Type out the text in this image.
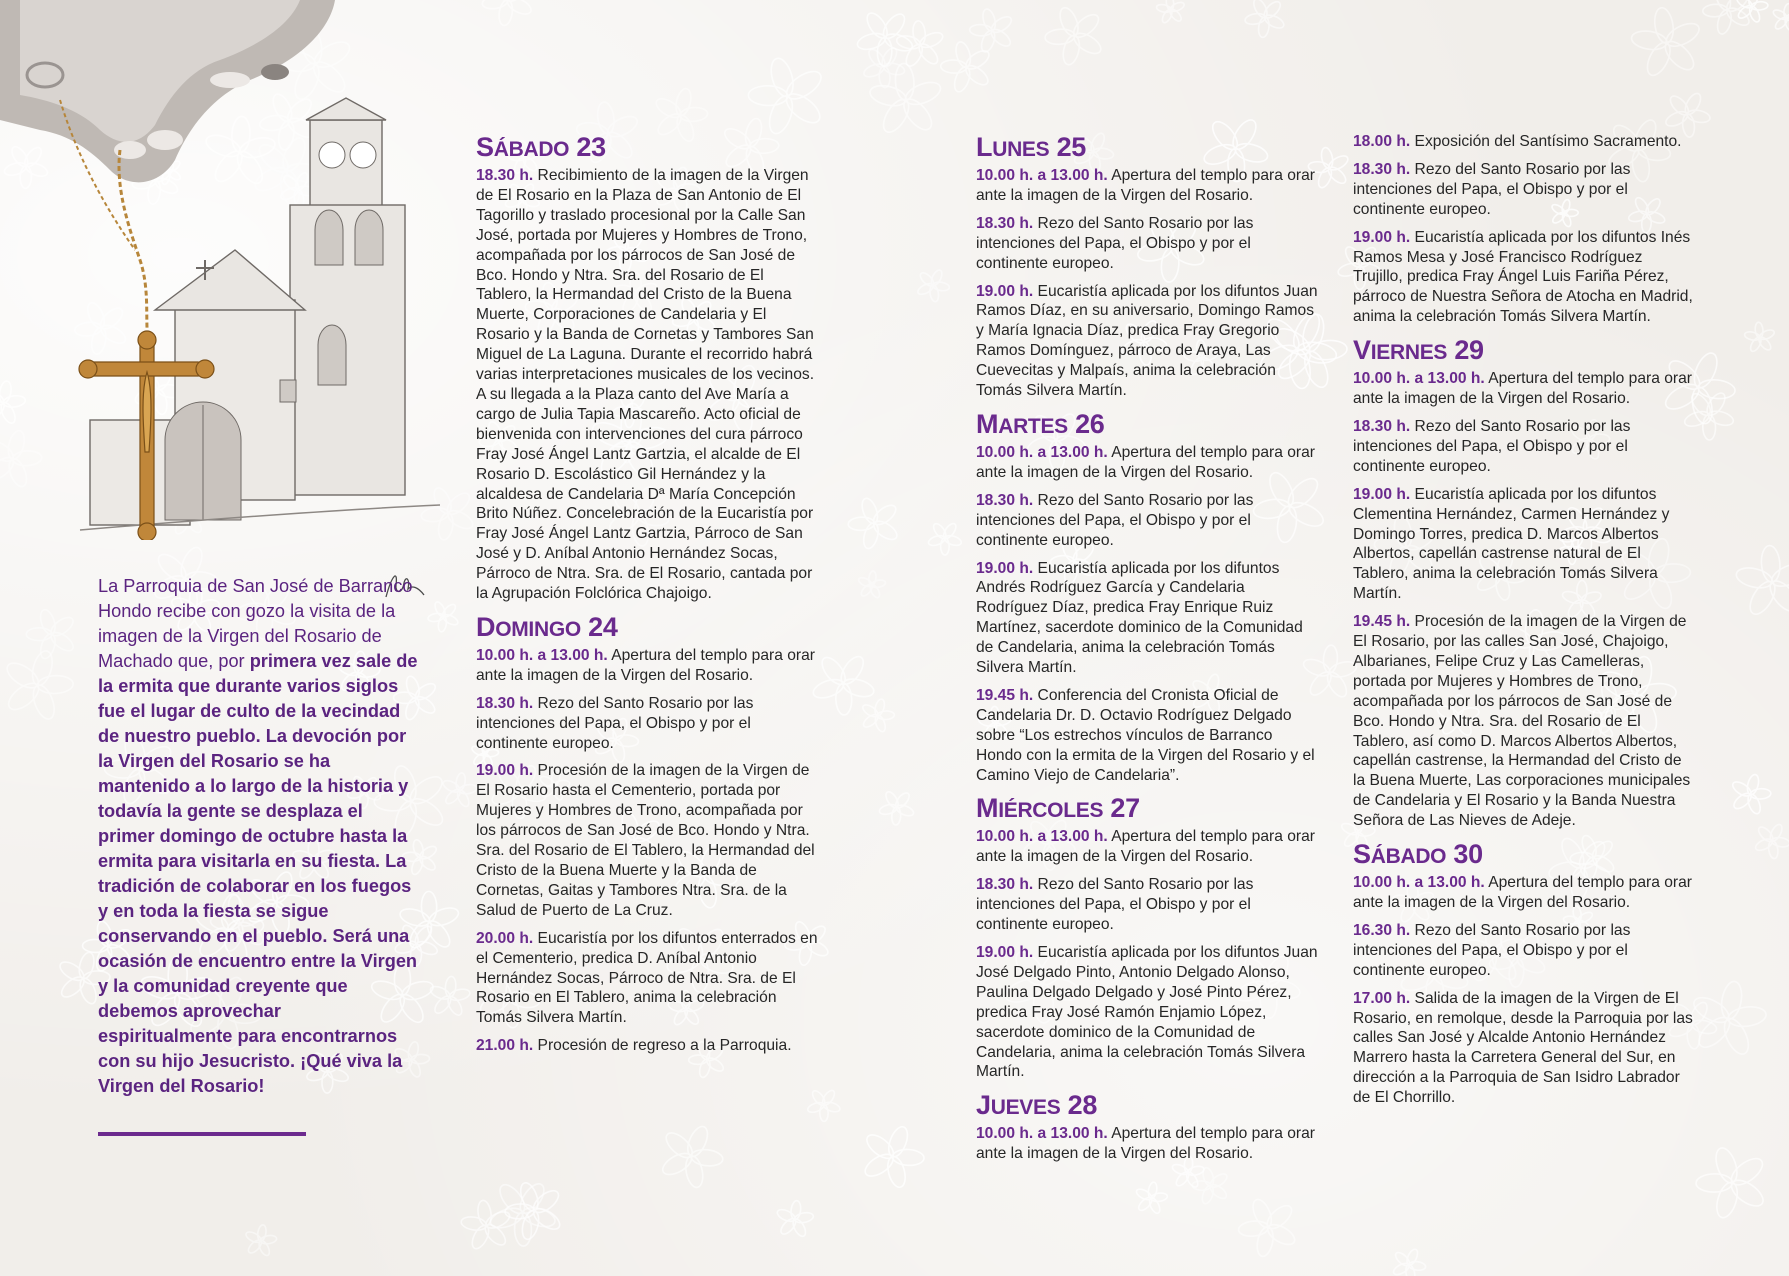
La Parroquia de San José de Barranco Hondo recibe con gozo la visita de la imagen de la Virgen del Rosario de Machado que, por primera vez sale de la ermita que durante varios siglos fue el lugar de culto de la vecindad de nuestro pueblo. La devoción por la Virgen del Rosario se ha mantenido a lo largo de la historia y todavía la gente se desplaza el primer domingo de octubre hasta la ermita para visitarla en su fiesta. La tradición de colaborar en los fuegos y en toda la fiesta se sigue conservando en el pueblo. Será una ocasión de encuentro entre la Virgen y la comunidad creyente que debemos aprovechar espiritualmente para encontrarnos con su hijo Jesucristo. ¡Qué viva la Virgen del Rosario!
SÁBADO 23
18.30 h. Recibimiento de la imagen de la Virgen de El Rosario en la Plaza de San Antonio de El Tagorillo y traslado procesional por la Calle San José, portada por Mujeres y Hombres de Trono, acompañada por los párrocos de San José de Bco. Hondo y Ntra. Sra. del Rosario de El Tablero, la Hermandad del Cristo de la Buena Muerte, Corporaciones de Candelaria y El Rosario y la Banda de Cornetas y Tambores San Miguel de La Laguna. Durante el recorrido habrá varias interpretaciones musicales de los vecinos.
A su llegada a la Plaza canto del Ave María a cargo de Julia Tapia Mascareño. Acto oficial de bienvenida con intervenciones del cura párroco Fray José Ángel Lantz Gartzia, el alcalde de El Rosario D. Escolástico Gil Hernández y la alcaldesa de Candelaria Dª María Concepción Brito Núñez. Concelebración de la Eucaristía por Fray José Ángel Lantz Gartzia, Párroco de San José y D. Aníbal Antonio Hernández Socas, Párroco de Ntra. Sra. de El Rosario, cantada por la Agrupación Folclórica Chajoigo.
DOMINGO 24
10.00 h. a 13.00 h. Apertura del templo para orar ante la imagen de la Virgen del Rosario.
18.30 h. Rezo del Santo Rosario por las intenciones del Papa, el Obispo y por el continente europeo.
19.00 h. Procesión de la imagen de la Virgen de El Rosario hasta el Cementerio, portada por Mujeres y Hombres de Trono, acompañada por los párrocos de San José de Bco. Hondo y Ntra. Sra. del Rosario de El Tablero, la Hermandad del Cristo de la Buena Muerte y la Banda de Cornetas, Gaitas y Tambores Ntra. Sra. de la Salud de Puerto de La Cruz.
20.00 h. Eucaristía por los difuntos enterrados en el Cementerio, predica D. Aníbal Antonio Hernández Socas, Párroco de Ntra. Sra. de El Rosario en El Tablero, anima la celebración Tomás Silvera Martín.
21.00 h. Procesión de regreso a la Parroquia.
LUNES 25
10.00 h. a 13.00 h. Apertura del templo para orar ante la imagen de la Virgen del Rosario.
18.30 h. Rezo del Santo Rosario por las intenciones del Papa, el Obispo y por el continente europeo.
19.00 h. Eucaristía aplicada por los difuntos Juan Ramos Díaz, en su aniversario, Domingo Ramos y María Ignacia Díaz, predica Fray Gregorio Ramos Domínguez, párroco de Araya, Las Cuevecitas y Malpaís, anima la celebración Tomás Silvera Martín.
MARTES 26
10.00 h. a 13.00 h. Apertura del templo para orar ante la imagen de la Virgen del Rosario.
18.30 h. Rezo del Santo Rosario por las intenciones del Papa, el Obispo y por el continente europeo.
19.00 h. Eucaristía aplicada por los difuntos Andrés Rodríguez García y Candelaria Rodríguez Díaz, predica Fray Enrique Ruiz Martínez, sacerdote dominico de la Comunidad de Candelaria, anima la celebración Tomás Silvera Martín.
19.45 h. Conferencia del Cronista Oficial de Candelaria Dr. D. Octavio Rodríguez Delgado sobre “Los estrechos vínculos de Barranco Hondo con la ermita de la Virgen del Rosario y el Camino Viejo de Candelaria”.
MIÉRCOLES 27
10.00 h. a 13.00 h. Apertura del templo para orar ante la imagen de la Virgen del Rosario.
18.30 h. Rezo del Santo Rosario por las intenciones del Papa, el Obispo y por el continente europeo.
19.00 h. Eucaristía aplicada por los difuntos Juan José Delgado Pinto, Antonio Delgado Alonso, Paulina Delgado Delgado y José Pinto Pérez, predica Fray José Ramón Enjamio López, sacerdote dominico de la Comunidad de Candelaria, anima la celebración Tomás Silvera Martín.
JUEVES 28
10.00 h. a 13.00 h. Apertura del templo para orar ante la imagen de la Virgen del Rosario.
18.00 h. Exposición del Santísimo Sacramento.
18.30 h. Rezo del Santo Rosario por las intenciones del Papa, el Obispo y por el continente europeo.
19.00 h. Eucaristía aplicada por los difuntos Inés Ramos Mesa y José Francisco Rodríguez Trujillo, predica Fray Ángel Luis Fariña Pérez, párroco de Nuestra Señora de Atocha en Madrid, anima la celebración Tomás Silvera Martín.
VIERNES 29
10.00 h. a 13.00 h. Apertura del templo para orar ante la imagen de la Virgen del Rosario.
18.30 h. Rezo del Santo Rosario por las intenciones del Papa, el Obispo y por el continente europeo.
19.00 h. Eucaristía aplicada por los difuntos Clementina Hernández, Carmen Hernández y Domingo Torres, predica D. Marcos Albertos Albertos, capellán castrense natural de El Tablero, anima la celebración Tomás Silvera Martín.
19.45 h. Procesión de la imagen de la Virgen de El Rosario, por las calles San José, Chajoigo, Albarianes, Felipe Cruz y Las Camelleras, portada por Mujeres y Hombres de Trono, acompañada por los párrocos de San José de Bco. Hondo y Ntra. Sra. del Rosario de El Tablero, así como D. Marcos Albertos Albertos, capellán castrense, la Hermandad del Cristo de la Buena Muerte, Las corporaciones municipales de Candelaria y El Rosario y la Banda Nuestra Señora de Las Nieves de Adeje.
SÁBADO 30
10.00 h. a 13.00 h. Apertura del templo para orar ante la imagen de la Virgen del Rosario.
16.30 h. Rezo del Santo Rosario por las intenciones del Papa, el Obispo y por el continente europeo.
17.00 h. Salida de la imagen de la Virgen de El Rosario, en remolque, desde la Parroquia por las calles San José y Alcalde Antonio Hernández Marrero hasta la Carretera General del Sur, en dirección a la Parroquia de San Isidro Labrador de El Chorrillo.
